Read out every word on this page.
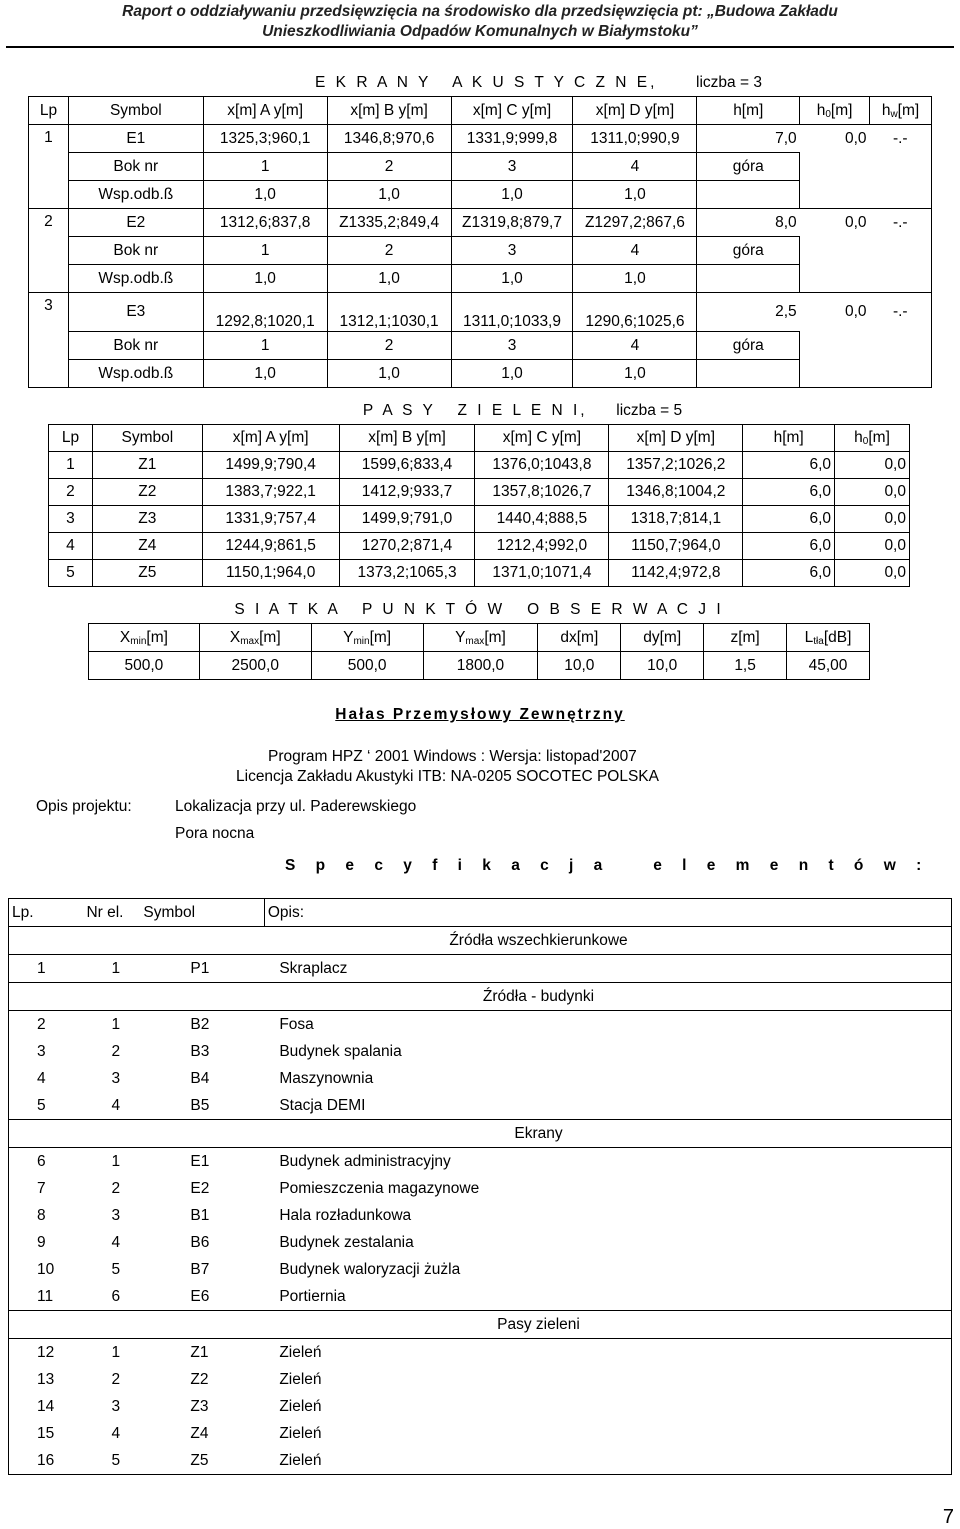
Raport o oddziaływaniu przedsięwzięcia na środowisko dla przedsięwzięcia pt: „Budowa Zakładu
Unieszkodliwiania Odpadów Komunalnych w Białymstoku”
E K R A N Y   A K U S T Y C Z N E, liczba = 3								
Lp	Symbol	x[m] A y[m]	x[m] B y[m]	x[m] C y[m]	x[m] D y[m]	h[m]	$h_0[m]$	$h_w[m]$
1	E1	1325,3;960,1	1346,8;970,6	1331,9;999,8	1311,0;990,9	7,0	0,0	-.-
	Bok nr	1	2	3	4	góra		
	Wsp.odb.ß	1,0	1,0	1,0	1,0			
2	E2	1312,6;837,8	Z1335,2;849,4	Z1319,8;879,7	Z1297,2;867,6	8,0	0,0	-.-
	Bok nr	1	2	3	4	góra		
	Wsp.odb.ß	1,0	1,0	1,0	1,0			
3	E3	1292,8;1020,1	1312,1;1030,1	1311,0;1033,9	1290,6;1025,6	2,5	0,0	-.-
	Bok nr	1	2	3	4	góra		
	Wsp.odb.ß	1,0	1,0	1,0	1,0			
P A S Y   Z I E L E N I, liczba = 5							
Lp	Symbol	x[m] A y[m]	x[m] B y[m]	x[m] C y[m]	x[m] D y[m]	h[m]	$h_0[m]$
1	Z1	1499,9;790,4	1599,6;833,4	1376,0;1043,8	1357,2;1026,2	6,0	0,0
2	Z2	1383,7;922,1	1412,9;933,7	1357,8;1026,7	1346,8;1004,2	6,0	0,0
3	Z3	1331,9;757,4	1499,9;791,0	1440,4;888,5	1318,7;814,1	6,0	0,0
4	Z4	1244,9;861,5	1270,2;871,4	1212,4;992,0	1150,7;964,0	6,0	0,0
5	Z5	1150,1;964,0	1373,2;1065,3	1371,0;1071,4	1142,4;972,8	6,0	0,0
S I A T K A   P U N K T Ó W   O B S E R W A C J I							
$X_{min}[m]$	$X_{max}[m]$	$Y_{min}[m]$	$Y_{max}[m]$	dx[m]	dy[m]	z[m]	$L_{tła}[dB]$
500,0	2500,0	500,0	1800,0	10,0	10,0	1,5	45,00
Hałas Przemysłowy Zewnętrzny
Program HPZ ‘ 2001 Windows : Wersja: listopad'2007
Licencja Zakładu Akustyki ITB: NA-0205 SOCOTEC POLSKA
Opis projektu:	Lokalizacja przy ul. Paderewskiego
Pora nocna
S p e c y f i k a c j a   e l e m e n t ó w :
Lp.	Nr el.	Symbol	Opis:
Źródła wszechkierunkowe			
1	1	P1	Skraplacz
Źródła - budynki			
2	1	B2	Fosa
3	2	B3	Budynek spalania
4	3	B4	Maszynownia
5	4	B5	Stacja DEMI
Ekrany			
6	1	E1	Budynek administracyjny
7	2	E2	Pomieszczenia magazynowe
8	3	B1	Hala rozładunkowa
9	4	B6	Budynek zestalania
10	5	B7	Budynek waloryzacji żużla
11	6	E6	Portiernia
Pasy zieleni			
12	1	Z1	Zieleń
13	2	Z2	Zieleń
14	3	Z3	Zieleń
15	4	Z4	Zieleń
16	5	Z5	Zieleń
7
